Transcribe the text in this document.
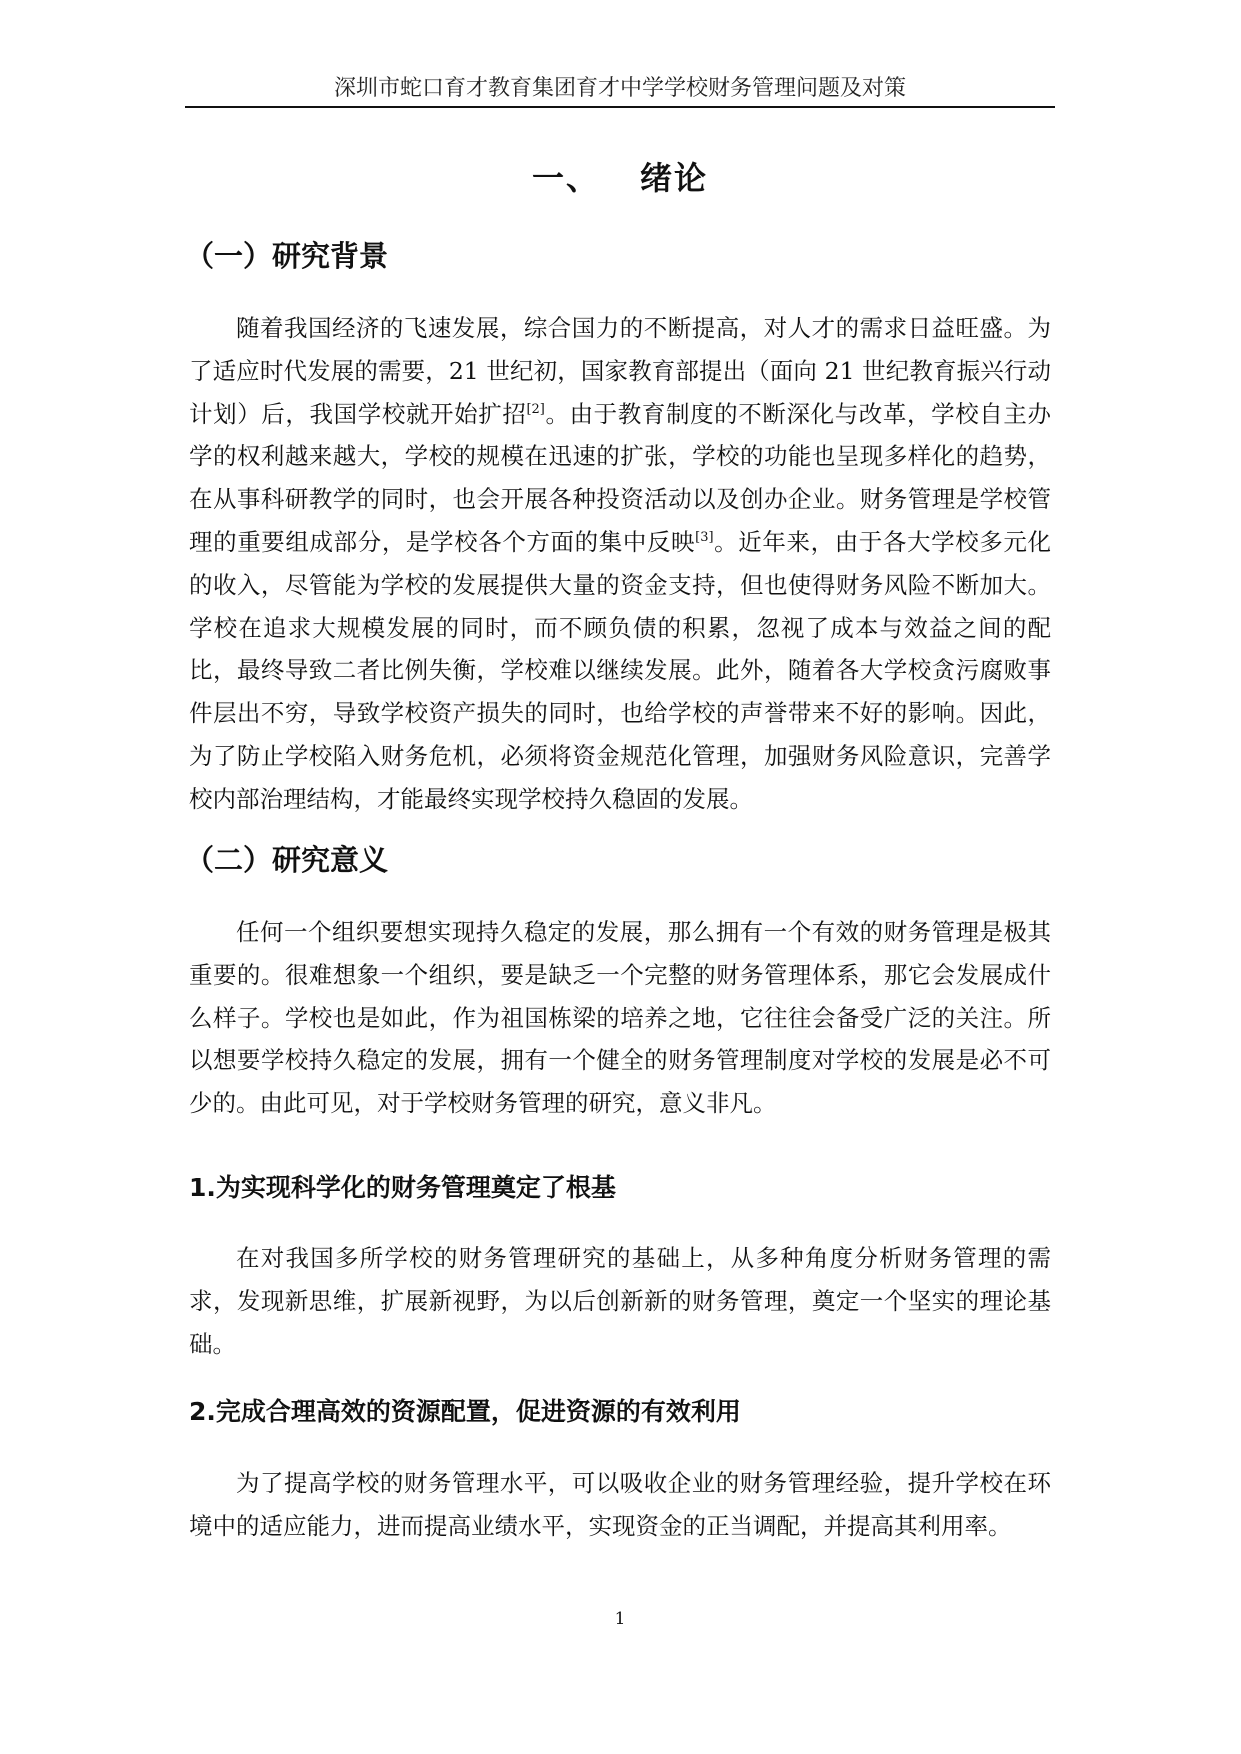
深圳市蛇口育才教育集团育才中学学校财务管理问题及对策
一、 绪论
（一）研究背景

随着我国经济的飞速发展，综合国力的不断提高，对人才的需求日益旺盛。为了适应时代发展的需要，21 世纪初，国家教育部提出（面向 21 世纪教育振兴行动计划）后，我国学校就开始扩招[2]。由于教育制度的不断深化与改革，学校自主办学的权利越来越大，学校的规模在迅速的扩张，学校的功能也呈现多样化的趋势，在从事科研教学的同时，也会开展各种投资活动以及创办企业。财务管理是学校管理的重要组成部分，是学校各个方面的集中反映[3]。近年来，由于各大学校多元化的收入，尽管能为学校的发展提供大量的资金支持，但也使得财务风险不断加大。学校在追求大规模发展的同时，而不顾负债的积累，忽视了成本与效益之间的配比，最终导致二者比例失衡，学校难以继续发展。此外，随着各大学校贪污腐败事件层出不穷，导致学校资产损失的同时，也给学校的声誉带来不好的影响。因此，为了防止学校陷入财务危机，必须将资金规范化管理，加强财务风险意识，完善学校内部治理结构，才能最终实现学校持久稳固的发展。

（二）研究意义

任何一个组织要想实现持久稳定的发展，那么拥有一个有效的财务管理是极其重要的。很难想象一个组织，要是缺乏一个完整的财务管理体系，那它会发展成什么样子。学校也是如此，作为祖国栋梁的培养之地，它往往会备受广泛的关注。所以想要学校持久稳定的发展，拥有一个健全的财务管理制度对学校的发展是必不可少的。由此可见，对于学校财务管理的研究，意义非凡。

1.为实现科学化的财务管理奠定了根基

在对我国多所学校的财务管理研究的基础上，从多种角度分析财务管理的需求，发现新思维，扩展新视野，为以后创新新的财务管理，奠定一个坚实的理论基础。

2.完成合理高效的资源配置，促进资源的有效利用

为了提高学校的财务管理水平，可以吸收企业的财务管理经验，提升学校在环境中的适应能力，进而提高业绩水平，实现资金的正当调配，并提高其利用率。

1
